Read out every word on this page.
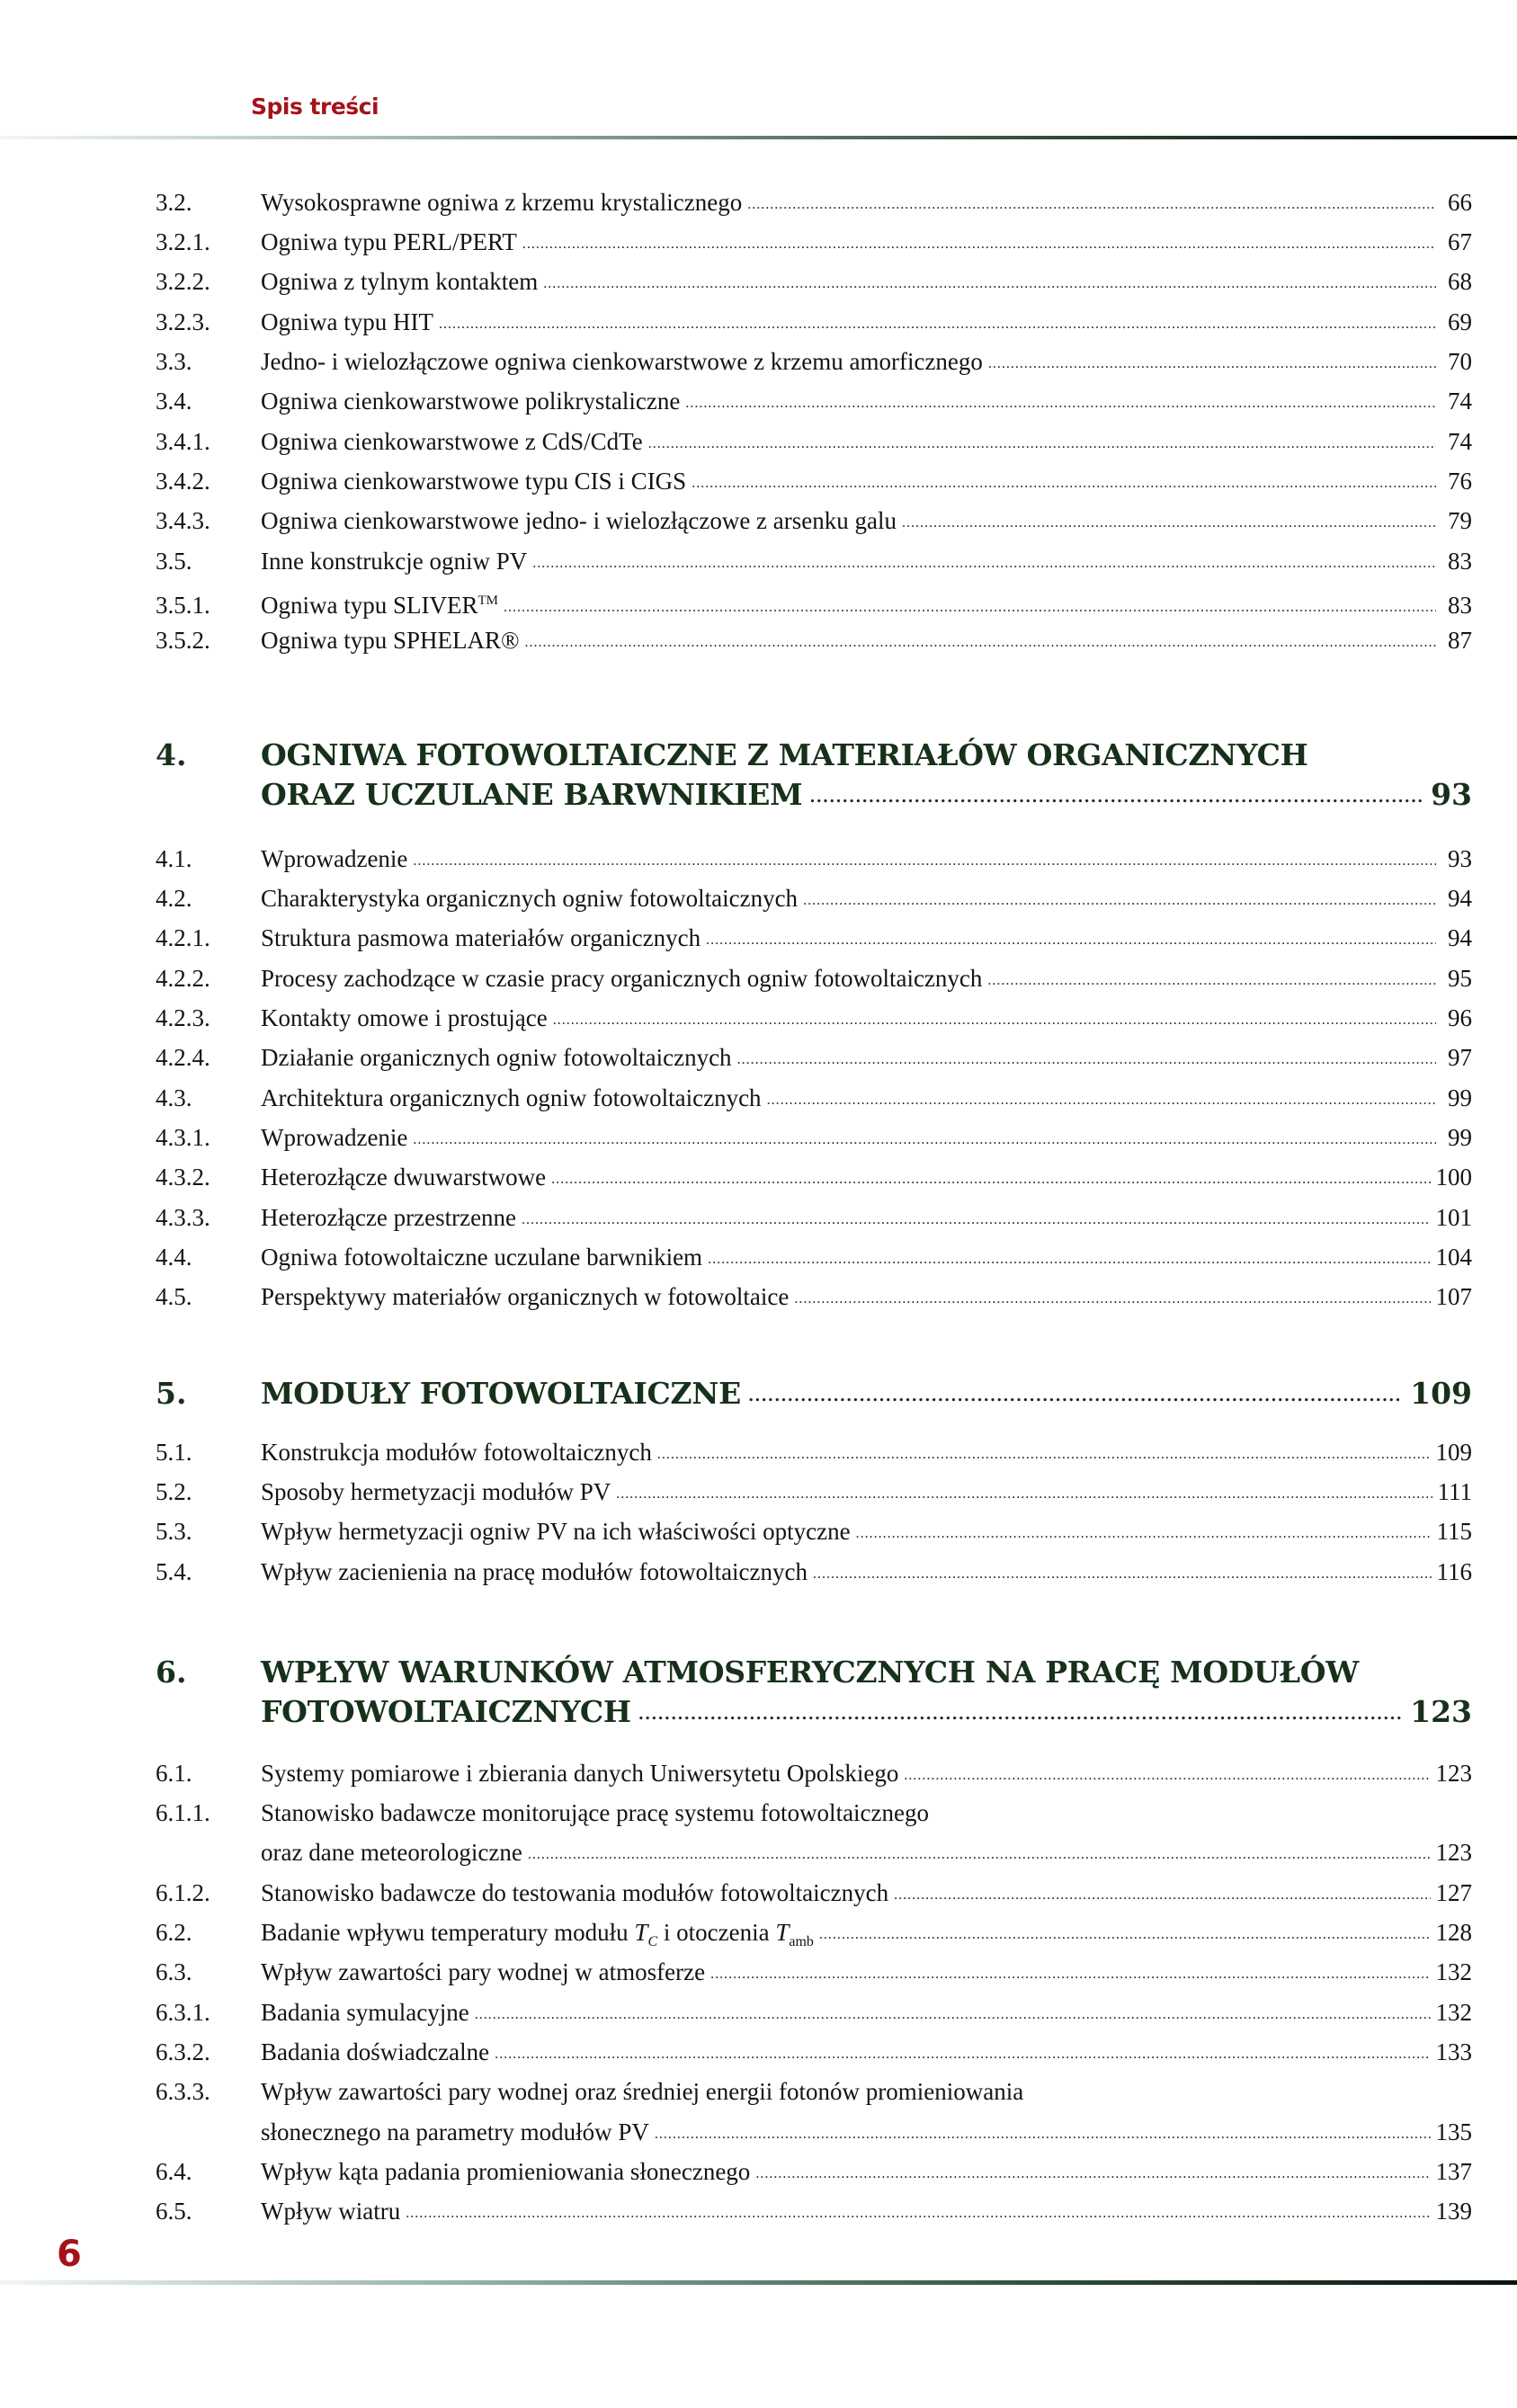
Spis treści
3.2.	Wysokosprawne ogniwa z krzemu krystalicznego .....	66
3.2.1.	Ogniwa typu PERL/PERT .....	67
3.2.2.	Ogniwa z tylnym kontaktem .....	68
3.2.3.	Ogniwa typu HIT .....	69
3.3.	Jedno- i wielozłączowe ogniwa cienkowarstwowe z krzemu amorficznego .....	70
3.4.	Ogniwa cienkowarstwowe polikrystaliczne .....	74
3.4.1.	Ogniwa cienkowarstwowe z CdS/CdTe .....	74
3.4.2.	Ogniwa cienkowarstwowe typu CIS i CIGS .....	76
3.4.3.	Ogniwa cienkowarstwowe jedno- i wielozłączowe z arsenku galu .....	79
3.5.	Inne konstrukcje ogniw PV .....	83
3.5.1.	Ogniwa typu SLIVER™ .....	83
3.5.2.	Ogniwa typu SPHELAR® .....	87
4.	OGNIWA FOTOWOLTAICZNE Z MATERIAŁÓW ORGANICZNYCH
ORAZ UCZULANE BARWNIKIEM .....	93
4.1.	Wprowadzenie .....	93
4.2.	Charakterystyka organicznych ogniw fotowoltaicznych .....	94
4.2.1.	Struktura pasmowa materiałów organicznych .....	94
4.2.2.	Procesy zachodzące w czasie pracy organicznych ogniw fotowoltaicznych .....	95
4.2.3.	Kontakty omowe i prostujące .....	96
4.2.4.	Działanie organicznych ogniw fotowoltaicznych .....	97
4.3.	Architektura organicznych ogniw fotowoltaicznych .....	99
4.3.1.	Wprowadzenie .....	99
4.3.2.	Heterozłącze dwuwarstwowe .....	100
4.3.3.	Heterozłącze przestrzenne .....	101
4.4.	Ogniwa fotowoltaiczne uczulane barwnikiem .....	104
4.5.	Perspektywy materiałów organicznych w fotowoltaice .....	107
5.	MODUŁY FOTOWOLTAICZNE .....	109
5.1.	Konstrukcja modułów fotowoltaicznych .....	109
5.2.	Sposoby hermetyzacji modułów PV .....	111
5.3.	Wpływ hermetyzacji ogniw PV na ich właściwości optyczne .....	115
5.4.	Wpływ zacienienia na pracę modułów fotowoltaicznych .....	116
6.	WPŁYW WARUNKÓW ATMOSFERYCZNYCH NA PRACĘ MODUŁÓW
FOTOWOLTAICZNYCH .....	123
6.1.	Systemy pomiarowe i zbierania danych Uniwersytetu Opolskiego .....	123
6.1.1.	Stanowisko badawcze monitorujące pracę systemu fotowoltaicznego
oraz dane meteorologiczne .....	123
6.1.2.	Stanowisko badawcze do testowania modułów fotowoltaicznych .....	127
6.2.	Badanie wpływu temperatury modułu $T_C$ i otoczenia $T_{amb}$ .....	128
6.3.	Wpływ zawartości pary wodnej w atmosferze .....	132
6.3.1.	Badania symulacyjne .....	132
6.3.2.	Badania doświadczalne .....	133
6.3.3.	Wpływ zawartości pary wodnej oraz średniej energii fotonów promieniowania
słonecznego na parametry modułów PV .....	135
6.4.	Wpływ kąta padania promieniowania słonecznego .....	137
6.5.	Wpływ wiatru .....	139
6
